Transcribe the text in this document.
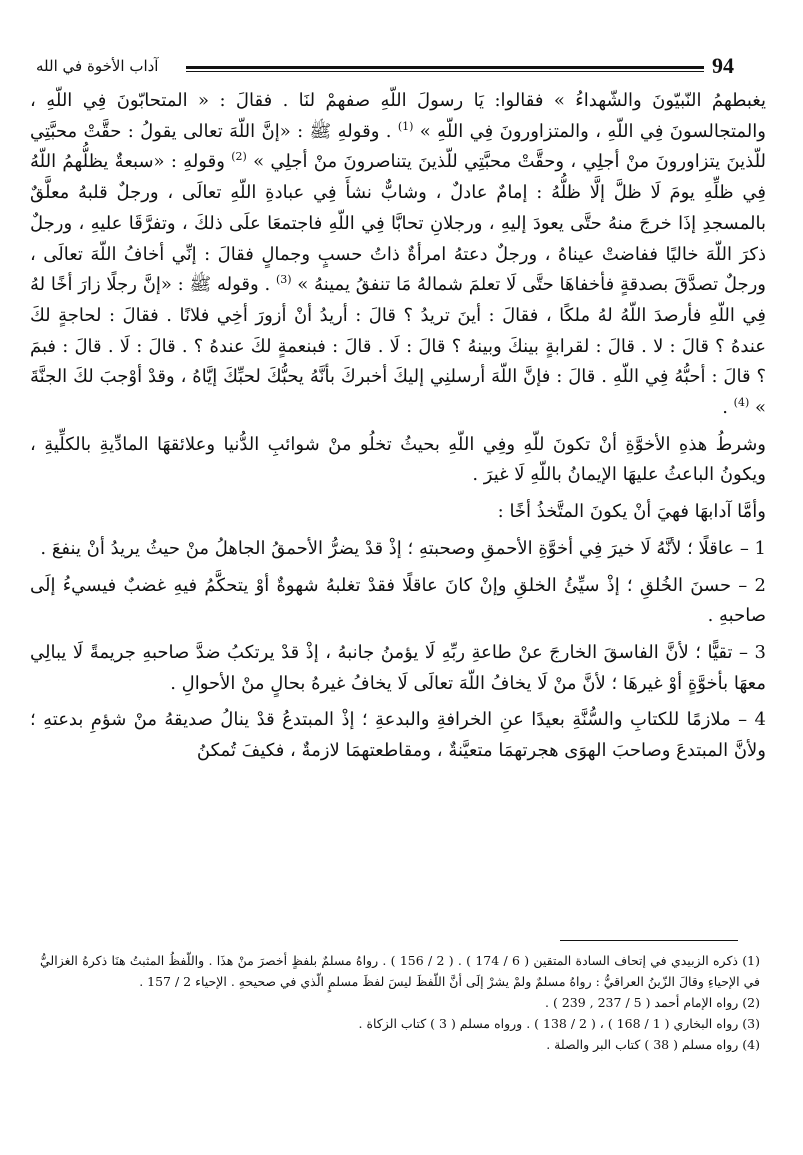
آداب الأخوة في الله	94

يغبطهمُ النّبيّونَ والشّهداءُ » فقالوا: يَا رسولَ اللّهِ صفهمْ لنَا . فقالَ : « المتحابّونَ فِي اللّهِ ، والمتجالسونَ فِي اللّهِ ، والمتزاورونَ فِي اللّهِ » $^{(1)}$ . وقولهِ ﷺ : «إنَّ اللّهَ تعالى يقولُ : حقَّتْ محبَّتِي للّذينَ يتزاورونَ منْ أجلِي ، وحقَّتْ محبَّتِي للّذينَ يتناصرونَ منْ أجلِي » $^{(2)}$ وقولهِ : «سبعةٌ يظلُّهمُ اللّهُ فِي ظلِّهِ يومَ لَا ظلَّ إلَّا ظلُّهُ : إمامٌ عادلٌ ، وشابٌّ نشأَ فِي عبادةِ اللّهِ تعالَى ، ورجلٌ قلبهُ معلَّقٌ بالمسجدِ إذَا خرجَ منهُ حتَّى يعودَ إليهِ ، ورجلانِ تحابَّا فِي اللّهِ فاجتمعَا علَى ذلكَ ، وتفرَّقَا عليهِ ، ورجلٌ ذكرَ اللّهَ خاليًا ففاضتْ عيناهُ ، ورجلٌ دعتهُ امرأةٌ ذاتُ حسبٍ وجمالٍ فقالَ : إنِّي أخافُ اللّهَ تعالَى ، ورجلٌ تصدَّقَ بصدقةٍ فأخفاهَا حتَّى لَا تعلمَ شمالهُ مَا تنفقُ يمينهُ » $^{(3)}$ . وقوله ﷺ : «إنَّ رجلًا زارَ أخًا لهُ فِي اللّهِ فأرصدَ اللّهُ لهُ ملكًا ، فقالَ : أينَ تريدُ ؟ قالَ : أريدُ أنْ أزورَ أخِي فلانًا . فقالَ : لحاجةٍ لكَ عندهُ ؟ قالَ : لا . قالَ : لقرابةٍ بينكَ وبينهُ ؟ قالَ : لَا . قالَ : فبنعمةٍ لكَ عندهُ ؟ . قالَ : لَا . قالَ : فبمَ ؟ قالَ : أحبُّهُ فِي اللّهِ . قالَ : فإنَّ اللّهَ أرسلنِي إليكَ أخبركَ بأنَّهُ يحبُّكَ لحبِّكَ إيَّاهُ ، وقدْ أوْجبَ لكَ الجنَّةَ » $^{(4)}$ .

وشرطُ هذهِ الأخوَّةِ أنْ تكونَ للّهِ وفِي اللّهِ بحيثُ تخلُو منْ شوائبِ الدُّنيا وعلائقهَا المادِّيةِ بالكلِّيةِ ، ويكونُ الباعثُ عليهَا الإيمانُ باللّهِ لَا غيرَ .

وأمَّا آدابهَا فهيَ أنْ يكونَ المتَّخذُ أخًا :

1 – عاقلًا ؛ لأنَّهُ لَا خيرَ فِي أخوَّةِ الأحمقِ وصحبتهِ ؛ إذْ قدْ يضرُّ الأحمقُ الجاهلُ منْ حيثُ يريدُ أنْ ينفعَ .

2 – حسنَ الخُلقِ ؛ إذْ سيِّئُ الخلقِ وإنْ كانَ عاقلًا فقدْ تغلبهُ شهوةٌ أوْ يتحكَّمُ فيهِ غضبٌ فيسيءُ إلَى صاحبهِ .

3 – تقيًّا ؛ لأنَّ الفاسقَ الخارجَ عنْ طاعةِ ربِّهِ لَا يؤمنُ جانبهُ ، إذْ قدْ يرتكبُ ضدَّ صاحبهِ جريمةً لَا يبالِي معهَا بأخوَّةٍ أوْ غيرهَا ؛ لأنَّ منْ لَا يخافُ اللّهَ تعالَى لَا يخافُ غيرهُ بحالٍ منْ الأحوالِ .

4 – ملازمًا للكتابِ والسُّنَّةِ بعيدًا عنِ الخرافةِ والبدعةِ ؛ إذْ المبتدعُ قدْ ينالُ صديقهُ منْ شؤمِ بدعتهِ ؛ ولأنَّ المبتدعَ وصاحبَ الهوَى هجرتهمَا متعيَّنةٌ ، ومقاطعتهمَا لازمةٌ ، فكيفَ تُمكنُ

(1) ذكره الزبيدي في إتحاف السادة المتقين ( 6 / 174 ) . ( 2 / 156 ) . رواهُ مسلمٌ بلفظٍ أخصرَ منْ هذَا . واللّفظُ المثبتُ هنَا ذكرهُ الغزاليُّ في الإحياءِ وقالَ الزّينُ العراقيُّ : رواهُ مسلمٌ ولمْ يشرْ إلَى أنَّ اللّفظَ ليسَ لفظَ مسلمٍ الّذي في صحيحهِ . الإحياء 2 / 157 .

(2) رواه الإمام أحمد ( 5 / 237 , 239 ) .

(3) رواه البخاري ( 1 / 168 ) ، ( 2 / 138 ) . ورواه مسلم ( 3 ) كتاب الزكاة .

(4) رواه مسلم ( 38 ) كتاب البر والصلة .
